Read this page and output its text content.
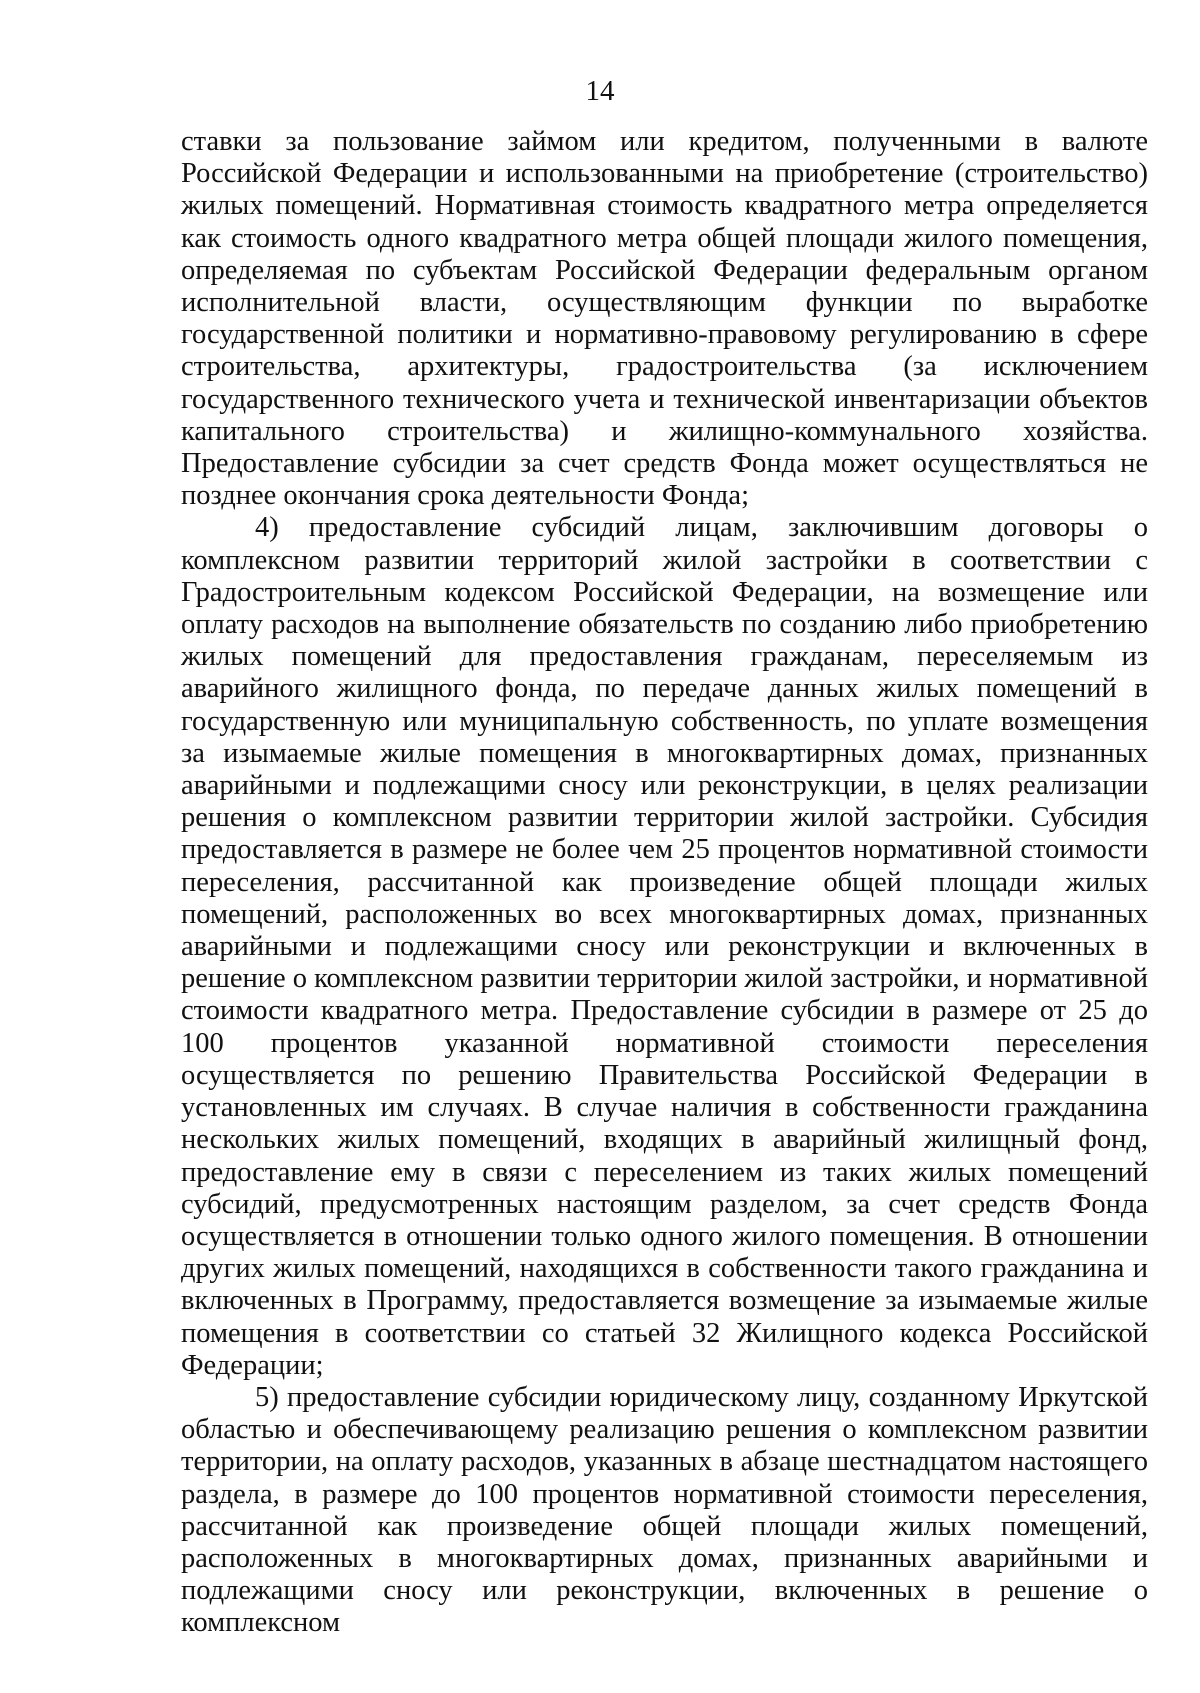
14

ставки за пользование займом или кредитом, полученными в валюте Российской Федерации и использованными на приобретение (строительство) жилых помещений. Нормативная стоимость квадратного метра определяется как стоимость одного квадратного метра общей площади жилого помещения, определяемая по субъектам Российской Федерации федеральным органом исполнительной власти, осуществляющим функции по выработке государственной политики и нормативно-правовому регулированию в сфере строительства, архитектуры, градостроительства (за исключением государственного технического учета и технической инвентаризации объектов капитального строительства) и жилищно-коммунального хозяйства. Предоставление субсидии за счет средств Фонда может осуществляться не позднее окончания срока деятельности Фонда;

4) предоставление субсидий лицам, заключившим договоры о комплексном развитии территорий жилой застройки в соответствии с Градостроительным кодексом Российской Федерации, на возмещение или оплату расходов на выполнение обязательств по созданию либо приобретению жилых помещений для предоставления гражданам, переселяемым из аварийного жилищного фонда, по передаче данных жилых помещений в государственную или муниципальную собственность, по уплате возмещения за изымаемые жилые помещения в многоквартирных домах, признанных аварийными и подлежащими сносу или реконструкции, в целях реализации решения о комплексном развитии территории жилой застройки. Субсидия предоставляется в размере не более чем 25 процентов нормативной стоимости переселения, рассчитанной как произведение общей площади жилых помещений, расположенных во всех многоквартирных домах, признанных аварийными и подлежащими сносу или реконструкции и включенных в решение о комплексном развитии территории жилой застройки, и нормативной стоимости квадратного метра. Предоставление субсидии в размере от 25 до 100 процентов указанной нормативной стоимости переселения осуществляется по решению Правительства Российской Федерации в установленных им случаях. В случае наличия в собственности гражданина нескольких жилых помещений, входящих в аварийный жилищный фонд, предоставление ему в связи с переселением из таких жилых помещений субсидий, предусмотренных настоящим разделом, за счет средств Фонда осуществляется в отношении только одного жилого помещения. В отношении других жилых помещений, находящихся в собственности такого гражданина и включенных в Программу, предоставляется возмещение за изымаемые жилые помещения в соответствии со статьей 32 Жилищного кодекса Российской Федерации;

5) предоставление субсидии юридическому лицу, созданному Иркутской областью и обеспечивающему реализацию решения о комплексном развитии территории, на оплату расходов, указанных в абзаце шестнадцатом настоящего раздела, в размере до 100 процентов нормативной стоимости переселения, рассчитанной как произведение общей площади жилых помещений, расположенных в многоквартирных домах, признанных аварийными и подлежащими сносу или реконструкции, включенных в решение о комплексном
